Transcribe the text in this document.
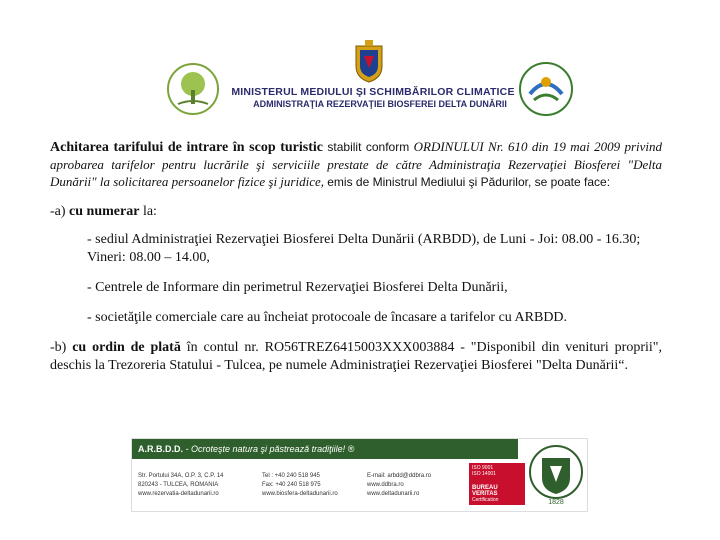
MINISTERUL MEDIULUI ŞI SCHIMBĂRILOR CLIMATICE
ADMINISTRAŢIA REZERVAŢIEI BIOSFEREI DELTA DUNĂRII

Achitarea tarifului de intrare în scop turistic stabilit conform ORDINULUI Nr. 610 din 19 mai 2009 privind aprobarea tarifelor pentru lucrările şi serviciile prestate de către Administraţia Rezervaţiei Biosferei "Delta Dunării" la solicitarea persoanelor fizice şi juridice, emis de Ministrul Mediului şi Pădurilor, se poate face:

-a) cu numerar la:

- sediul Administraţiei Rezervaţiei Biosferei Delta Dunării (ARBDD), de Luni - Joi: 08.00 - 16.30; Vineri: 08.00 – 14.00,

- Centrele de Informare din perimetrul Rezervaţiei Biosferei Delta Dunării,

- societăţile comerciale care au încheiat protocoale de încasare a tarifelor cu ARBDD.

-b) cu ordin de plată în contul nr. RO56TREZ6415003XXX003884 - "Disponibil din venituri proprii", deschis la Trezoreria Statului - Tulcea, pe numele Administraţiei Rezervaţiei Biosferei "Delta Dunării“.

A.R.B.D.D. - Ocroteşte natura şi păstrează tradiţiile! ®
Str. Portului 34A, O.P. 3, C.P. 14
820243 - TULCEA, ROMANIA
www.rezervatia-deltadunarii.ro
Tel : +40 240 518 945
Fax: +40 240 518 975
www.biosfera-deltadunarii.ro
E-mail: arbdd@ddbra.ro
www.ddbra.ro
www.deltadunarii.ro
ISO 9001
ISO 14001
BUREAU VERITAS
Certification	1828
